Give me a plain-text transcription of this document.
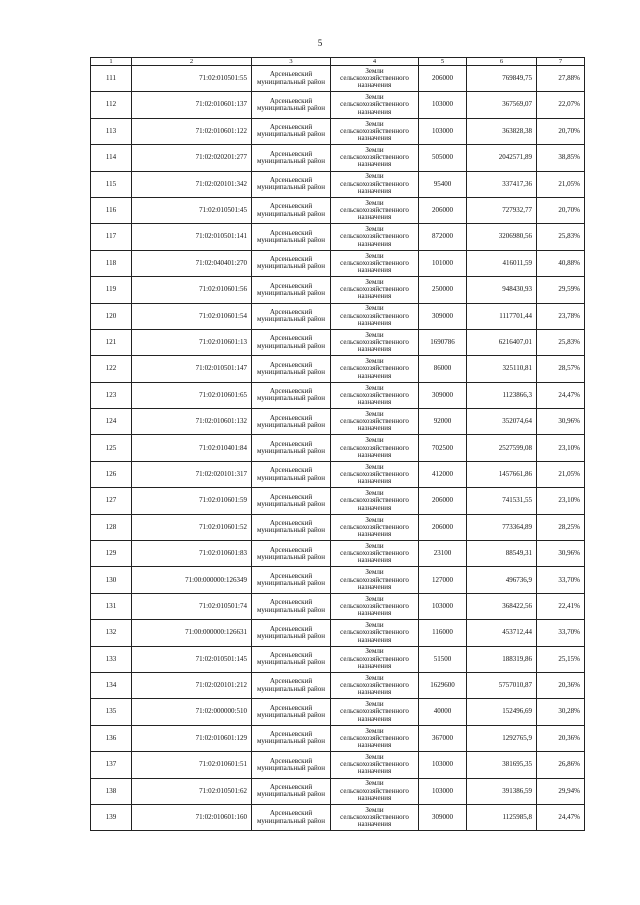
5
1	2	3	4	5	6	7
111	71:02:010501:55	Арсеньевский муниципальный район	Земли сельскохозяйственного назначения	206000	769849,75	27,88%
112	71:02:010601:137	Арсеньевский муниципальный район	Земли сельскохозяйственного назначения	103000	367569,07	22,07%
113	71:02:010601:122	Арсеньевский муниципальный район	Земли сельскохозяйственного назначения	103000	363828,38	20,70%
114	71:02:020201:277	Арсеньевский муниципальный район	Земли сельскохозяйственного назначения	505000	2042571,89	38,85%
115	71:02:020101:342	Арсеньевский муниципальный район	Земли сельскохозяйственного назначения	95400	337417,36	21,05%
116	71:02:010501:45	Арсеньевский муниципальный район	Земли сельскохозяйственного назначения	206000	727932,77	20,70%
117	71:02:010501:141	Арсеньевский муниципальный район	Земли сельскохозяйственного назначения	872000	3206980,56	25,83%
118	71:02:040401:270	Арсеньевский муниципальный район	Земли сельскохозяйственного назначения	101000	416011,59	40,88%
119	71:02:010601:56	Арсеньевский муниципальный район	Земли сельскохозяйственного назначения	250000	948430,93	29,59%
120	71:02:010601:54	Арсеньевский муниципальный район	Земли сельскохозяйственного назначения	309000	1117701,44	23,78%
121	71:02:010601:13	Арсеньевский муниципальный район	Земли сельскохозяйственного назначения	1690786	6216407,01	25,83%
122	71:02:010501:147	Арсеньевский муниципальный район	Земли сельскохозяйственного назначения	86000	325110,81	28,57%
123	71:02:010601:65	Арсеньевский муниципальный район	Земли сельскохозяйственного назначения	309000	1123866,3	24,47%
124	71:02:010601:132	Арсеньевский муниципальный район	Земли сельскохозяйственного назначения	92000	352074,64	30,96%
125	71:02:010401:84	Арсеньевский муниципальный район	Земли сельскохозяйственного назначения	702500	2527599,08	23,10%
126	71:02:020101:317	Арсеньевский муниципальный район	Земли сельскохозяйственного назначения	412000	1457661,86	21,05%
127	71:02:010601:59	Арсеньевский муниципальный район	Земли сельскохозяйственного назначения	206000	741531,55	23,10%
128	71:02:010601:52	Арсеньевский муниципальный район	Земли сельскохозяйственного назначения	206000	773364,89	28,25%
129	71:02:010601:83	Арсеньевский муниципальный район	Земли сельскохозяйственного назначения	23100	88549,31	30,96%
130	71:00:000000:126349	Арсеньевский муниципальный район	Земли сельскохозяйственного назначения	127000	496736,9	33,70%
131	71:02:010501:74	Арсеньевский муниципальный район	Земли сельскохозяйственного назначения	103000	368422,56	22,41%
132	71:00:000000:126631	Арсеньевский муниципальный район	Земли сельскохозяйственного назначения	116000	453712,44	33,70%
133	71:02:010501:145	Арсеньевский муниципальный район	Земли сельскохозяйственного назначения	51500	188319,86	25,15%
134	71:02:020101:212	Арсеньевский муниципальный район	Земли сельскохозяйственного назначения	1629600	5757010,87	20,36%
135	71:02:000000:510	Арсеньевский муниципальный район	Земли сельскохозяйственного назначения	40000	152496,69	30,28%
136	71:02:010601:129	Арсеньевский муниципальный район	Земли сельскохозяйственного назначения	367000	1292765,9	20,36%
137	71:02:010601:51	Арсеньевский муниципальный район	Земли сельскохозяйственного назначения	103000	381695,35	26,86%
138	71:02:010501:62	Арсеньевский муниципальный район	Земли сельскохозяйственного назначения	103000	391386,59	29,94%
139	71:02:010601:160	Арсеньевский муниципальный район	Земли сельскохозяйственного назначения	309000	1125985,8	24,47%
